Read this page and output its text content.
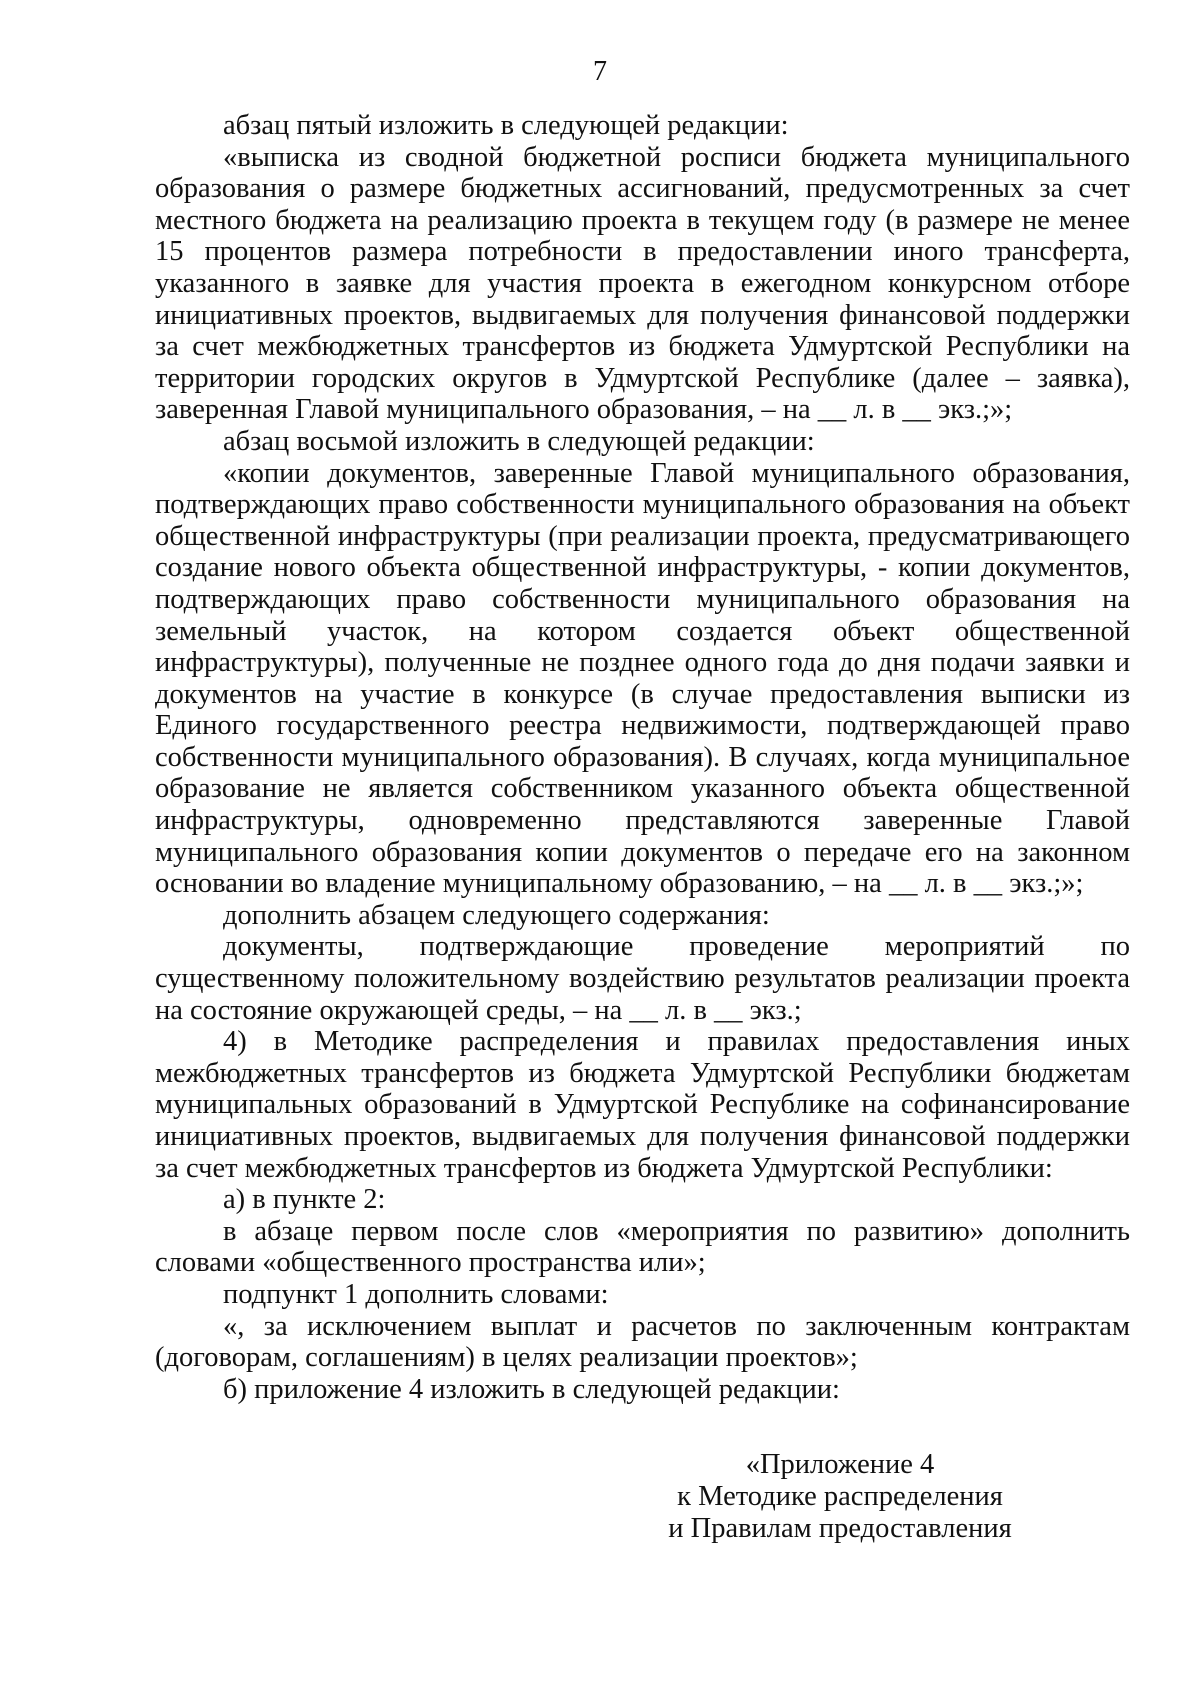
7

абзац пятый изложить в следующей редакции:

«выписка из сводной бюджетной росписи бюджета муниципального образования о размере бюджетных ассигнований, предусмотренных за счет местного бюджета на реализацию проекта в текущем году (в размере не менее 15 процентов размера потребности в предоставлении иного трансферта, указанного в заявке для участия проекта в ежегодном конкурсном отборе инициативных проектов, выдвигаемых для получения финансовой поддержки за счет межбюджетных трансфертов из бюджета Удмуртской Республики на территории городских округов в Удмуртской Республике (далее – заявка), заверенная Главой муниципального образования, – на __ л. в __ экз.;»;

абзац восьмой изложить в следующей редакции:

«копии документов, заверенные Главой муниципального образования, подтверждающих право собственности муниципального образования на объект общественной инфраструктуры (при реализации проекта, предусматривающего создание нового объекта общественной инфраструктуры, - копии документов, подтверждающих право собственности муниципального образования на земельный участок, на котором создается объект общественной инфраструктуры), полученные не позднее одного года до дня подачи заявки и документов на участие в конкурсе (в случае предоставления выписки из Единого государственного реестра недвижимости, подтверждающей право собственности муниципального образования). В случаях, когда муниципальное образование не является собственником указанного объекта общественной инфраструктуры, одновременно представляются заверенные Главой муниципального образования копии документов о передаче его на законном основании во владение муниципальному образованию, – на __ л. в __ экз.;»;

дополнить абзацем следующего содержания:

документы, подтверждающие проведение мероприятий по существенному положительному воздействию результатов реализации проекта на состояние окружающей среды, – на __ л. в __ экз.;

4) в Методике распределения и правилах предоставления иных межбюджетных трансфертов из бюджета Удмуртской Республики бюджетам муниципальных образований в Удмуртской Республике на софинансирование инициативных проектов, выдвигаемых для получения финансовой поддержки за счет межбюджетных трансфертов из бюджета Удмуртской Республики:

а) в пункте 2:

в абзаце первом после слов «мероприятия по развитию» дополнить словами «общественного пространства или»;

подпункт 1 дополнить словами:

«, за исключением выплат и расчетов по заключенным контрактам (договорам, соглашениям) в целях реализации проектов»;

б) приложение 4 изложить в следующей редакции:

«Приложение 4
к Методике распределения
и Правилам предоставления
